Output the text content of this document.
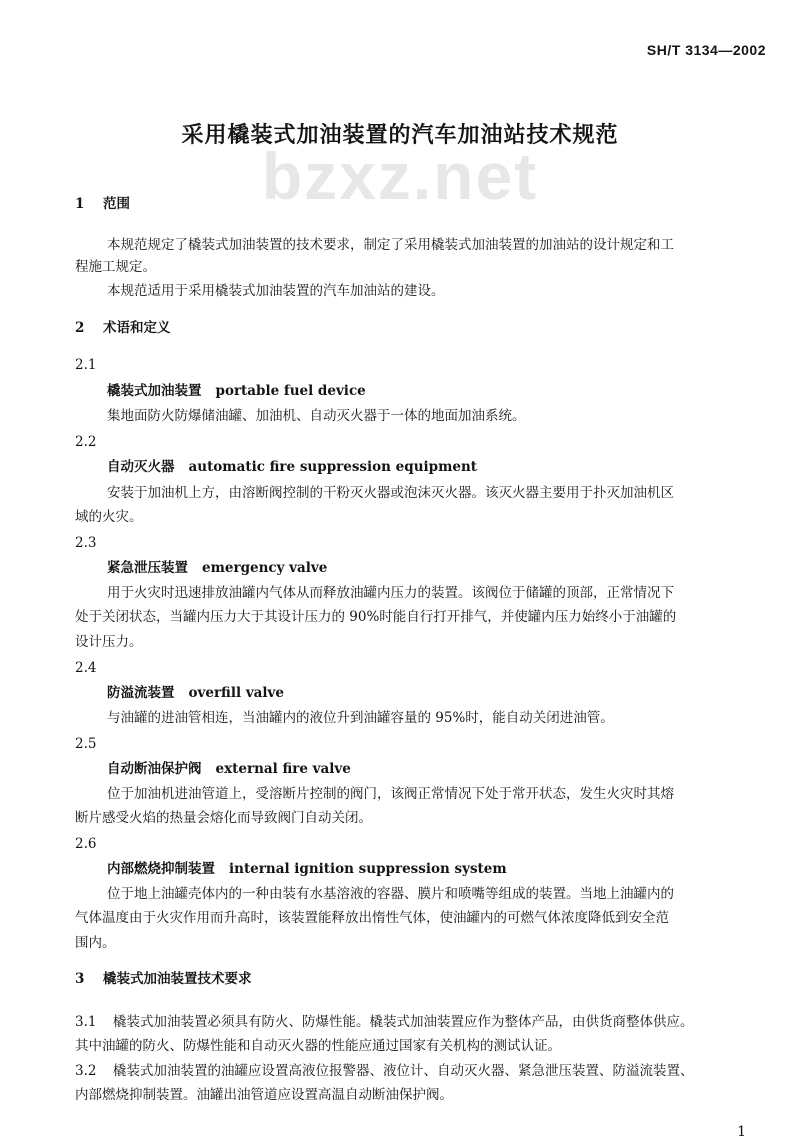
SH/T 3134—2002
bzxz.net
采用橇装式加油装置的汽车加油站技术规范
1 范围
本规范规定了橇装式加油装置的技术要求，制定了采用橇装式加油装置的加油站的设计规定和工
程施工规定。
本规范适用于采用橇装式加油装置的汽车加油站的建设。
2 术语和定义
2.1
橇装式加油装置 portable fuel device
集地面防火防爆储油罐、加油机、自动灭火器于一体的地面加油系统。
2.2
自动灭火器 automatic fire suppression equipment
安装于加油机上方，由溶断阀控制的干粉灭火器或泡沫灭火器。该灭火器主要用于扑灭加油机区
域的火灾。
2.3
紧急泄压装置 emergency valve
用于火灾时迅速排放油罐内气体从而释放油罐内压力的装置。该阀位于储罐的顶部，正常情况下
处于关闭状态，当罐内压力大于其设计压力的 90%时能自行打开排气，并使罐内压力始终小于油罐的
设计压力。
2.4
防溢流装置 overfill valve
与油罐的进油管相连，当油罐内的液位升到油罐容量的 95%时，能自动关闭进油管。
2.5
自动断油保护阀 external fire valve
位于加油机进油管道上，受溶断片控制的阀门，该阀正常情况下处于常开状态，发生火灾时其熔
断片感受火焰的热量会熔化而导致阀门自动关闭。
2.6
内部燃烧抑制装置 internal ignition suppression system
位于地上油罐壳体内的一种由装有水基溶液的容器、膜片和喷嘴等组成的装置。当地上油罐内的
气体温度由于火灾作用而升高时，该装置能释放出惰性气体，使油罐内的可燃气体浓度降低到安全范
围内。
3 橇装式加油装置技术要求
3.1 橇装式加油装置必须具有防火、防爆性能。橇装式加油装置应作为整体产品，由供货商整体供应。
其中油罐的防火、防爆性能和自动灭火器的性能应通过国家有关机构的测试认证。
3.2 橇装式加油装置的油罐应设置高液位报警器、液位计、自动灭火器、紧急泄压装置、防溢流装置、
内部燃烧抑制装置。油罐出油管道应设置高温自动断油保护阀。
1
